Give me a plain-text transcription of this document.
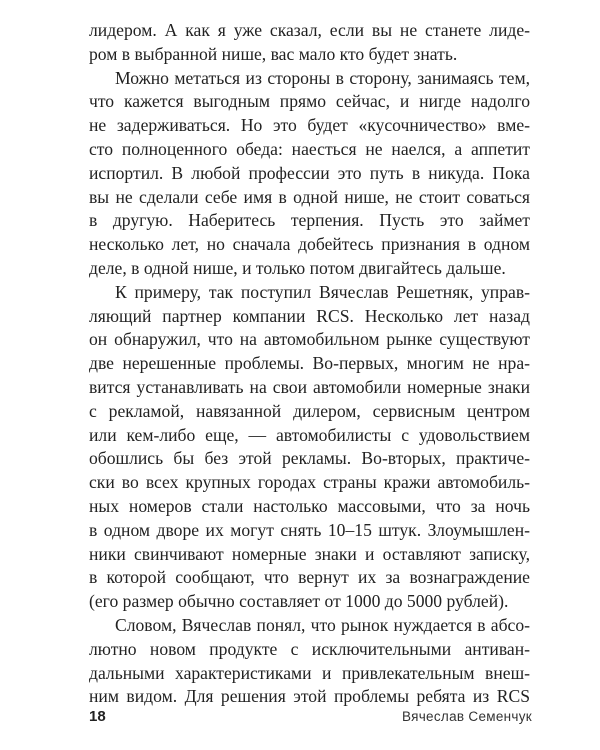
лидером. А как я уже сказал, если вы не станете лиде-
ром в выбранной нише, вас мало кто будет знать.
Можно метаться из стороны в сторону, занимаясь тем,
что кажется выгодным прямо сейчас, и нигде надолго
не задерживаться. Но это будет «кусочничество» вме-
сто полноценного обеда: наесться не наелся, а аппетит
испортил. В любой профессии это путь в никуда. Пока
вы не сделали себе имя в одной нише, не стоит соваться
в другую. Наберитесь терпения. Пусть это займет
несколько лет, но сначала добейтесь признания в одном
деле, в одной нише, и только потом двигайтесь дальше.
К примеру, так поступил Вячеслав Решетняк, управ-
ляющий партнер компании RCS. Несколько лет назад
он обнаружил, что на автомобильном рынке существуют
две нерешенные проблемы. Во-первых, многим не нра-
вится устанавливать на свои автомобили номерные знаки
с рекламой, навязанной дилером, сервисным центром
или кем-либо еще, — автомобилисты с удовольствием
обошлись бы без этой рекламы. Во-вторых, практиче-
ски во всех крупных городах страны кражи автомобиль-
ных номеров стали настолько массовыми, что за ночь
в одном дворе их могут снять 10–15 штук. Злоумышлен-
ники свинчивают номерные знаки и оставляют записку,
в которой сообщают, что вернут их за вознаграждение
(его размер обычно составляет от 1000 до 5000 рублей).
Словом, Вячеслав понял, что рынок нуждается в абсо-
лютно новом продукте с исключительными антиван-
дальными характеристиками и привлекательным внеш-
ним видом. Для решения этой проблемы ребята из RCS
18	Вячеслав Семенчук
